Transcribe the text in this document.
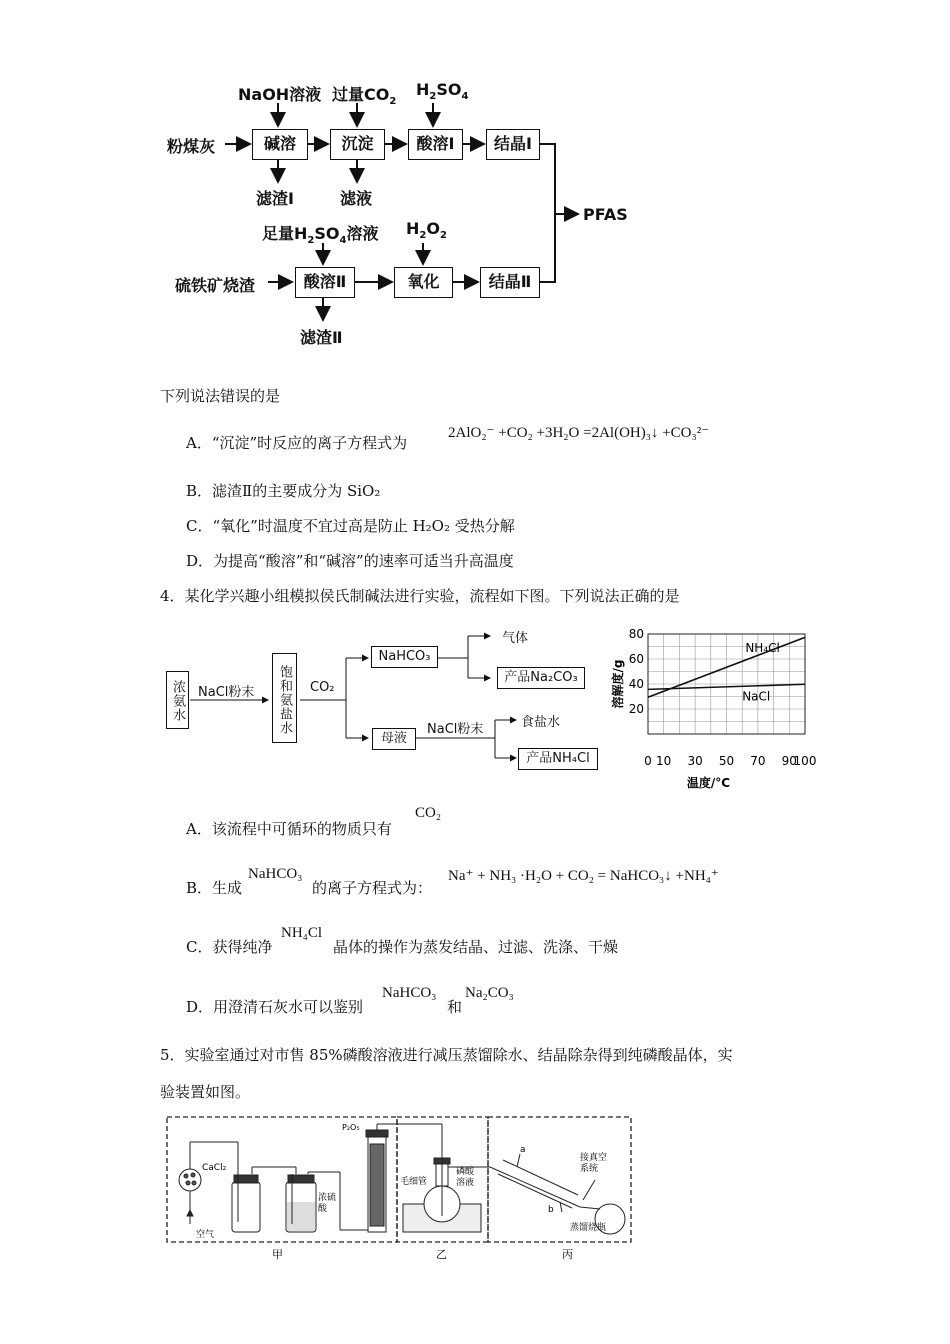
NaOH溶液 过量$CO_2$
$H_2SO_4$
粉煤灰	碱溶	沉淀	酸溶Ⅰ	结晶Ⅰ
滤渣Ⅰ	滤液
PFAS
足量$H_2SO_4$溶液 $H_2O_2$
硫铁矿烧渣	酸溶Ⅱ	氧化	结晶Ⅱ
滤渣Ⅱ
下列说法错误的是
A．“沉淀”时反应的离子方程式为
2AlO₂⁻ +CO₂ +3H₂O =2Al(OH)₃↓ +CO₃²⁻
B．滤渣Ⅱ的主要成分为 SiO₂
C．“氧化”时温度不宜过高是防止 H₂O₂ 受热分解
D．为提高“酸溶”和“碱溶”的速率可适当升高温度
4．某化学兴趣小组模拟侯氏制碱法进行实验，流程如下图。下列说法正确的是
浓氨水	NaCl粉末	饱和氨盐水	CO₂
NaHCO₃
气体
产品Na₂CO₃
母液
NaCl粉末	食盐水
产品NH₄Cl
20
40
60
80
0 10 30 50 70 90
100
温度/°C
溶解度/g
NH₄Cl
NaCl
A．该流程中可循环的物质只有
CO₂
B．生成
NaHCO₃
的离子方程式为：
Na⁺ + NH₃ ·H₂O + CO₂ = NaHCO₃↓ +NH₄⁺
C．获得纯净
NH₄Cl
晶体的操作为蒸发结晶、过滤、洗涤、干燥
D．用澄清石灰水可以鉴别
NaHCO₃
和
Na₂CO₃
5．实验室通过对市售 85%磷酸溶液进行减压蒸馏除水、结晶除杂得到纯磷酸晶体，实
验装置如图。
CaCl₂
空气
P₂O₅
浓硫酸
毛细管
磷酸溶液
接真空系统
蒸馏烧瓶
a
b
甲	乙	丙
